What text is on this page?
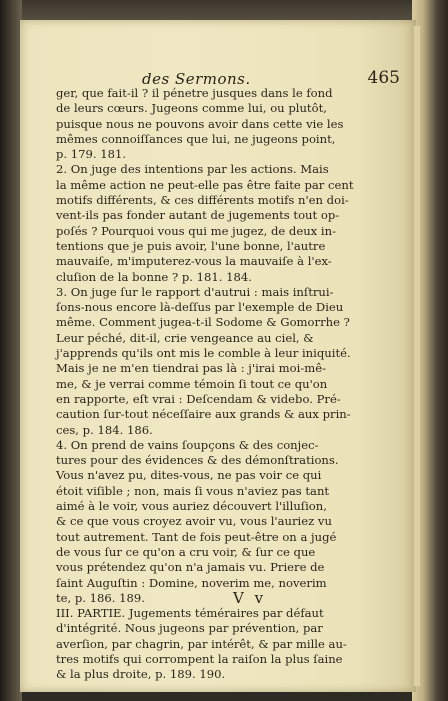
des Sermons.	465

ger, que fait-il ? il pénetre jusques dans le fond
de leurs cœurs. Jugeons comme lui, ou plutôt,
puisque nous ne pouvons avoir dans cette vie les
mêmes connoiſſances que lui, ne jugeons point,
p. 179. 181.
2. On juge des intentions par les actions. Mais
la même action ne peut-elle pas être faite par cent
motifs différents, & ces différents motifs n'en doi-
vent-ils pas fonder autant de jugements tout op-
poſés ? Pourquoi vous qui me jugez, de deux in-
tentions que je puis avoir, l'une bonne, l'autre
mauvaiſe, m'imputerez-vous la mauvaiſe à l'ex-
cluſion de la bonne ? p. 181. 184.
3. On juge ſur le rapport d'autrui : mais inſtrui-
ſons-nous encore là-deſſus par l'exemple de Dieu
même. Comment jugea-t-il Sodome & Gomorrhe ?
Leur péché, dit-il, crie vengeance au ciel, &
j'apprends qu'ils ont mis le comble à leur iniquité.
Mais je ne m'en tiendrai pas là : j'irai moi-mê-
me, & je verrai comme témoin ſi tout ce qu'on
en rapporte, eſt vrai : Deſcendam & videbo. Pré-
caution ſur-tout néceſſaire aux grands & aux prin-
ces, p. 184. 186.
4. On prend de vains ſoupçons & des conjec-
tures pour des évidences & des démonſtrations.
Vous n'avez pu, dites-vous, ne pas voir ce qui
étoit viſible ; non, mais ſi vous n'aviez pas tant
aimé à le voir, vous auriez découvert l'illuſion,
& ce que vous croyez avoir vu, vous l'auriez vu
tout autrement. Tant de fois peut-être on a jugé
de vous ſur ce qu'on a cru voir, & ſur ce que
vous prétendez qu'on n'a jamais vu. Priere de
ſaint Auguſtin : Domine, noverim me, noverim
te, p. 186. 189.
III. PARTIE. Jugements téméraires par défaut
d'intégrité. Nous jugeons par prévention, par
averſion, par chagrin, par intérêt, & par mille au-
tres motifs qui corrompent la raiſon la plus ſaine
& la plus droite, p. 189. 190.

V v
